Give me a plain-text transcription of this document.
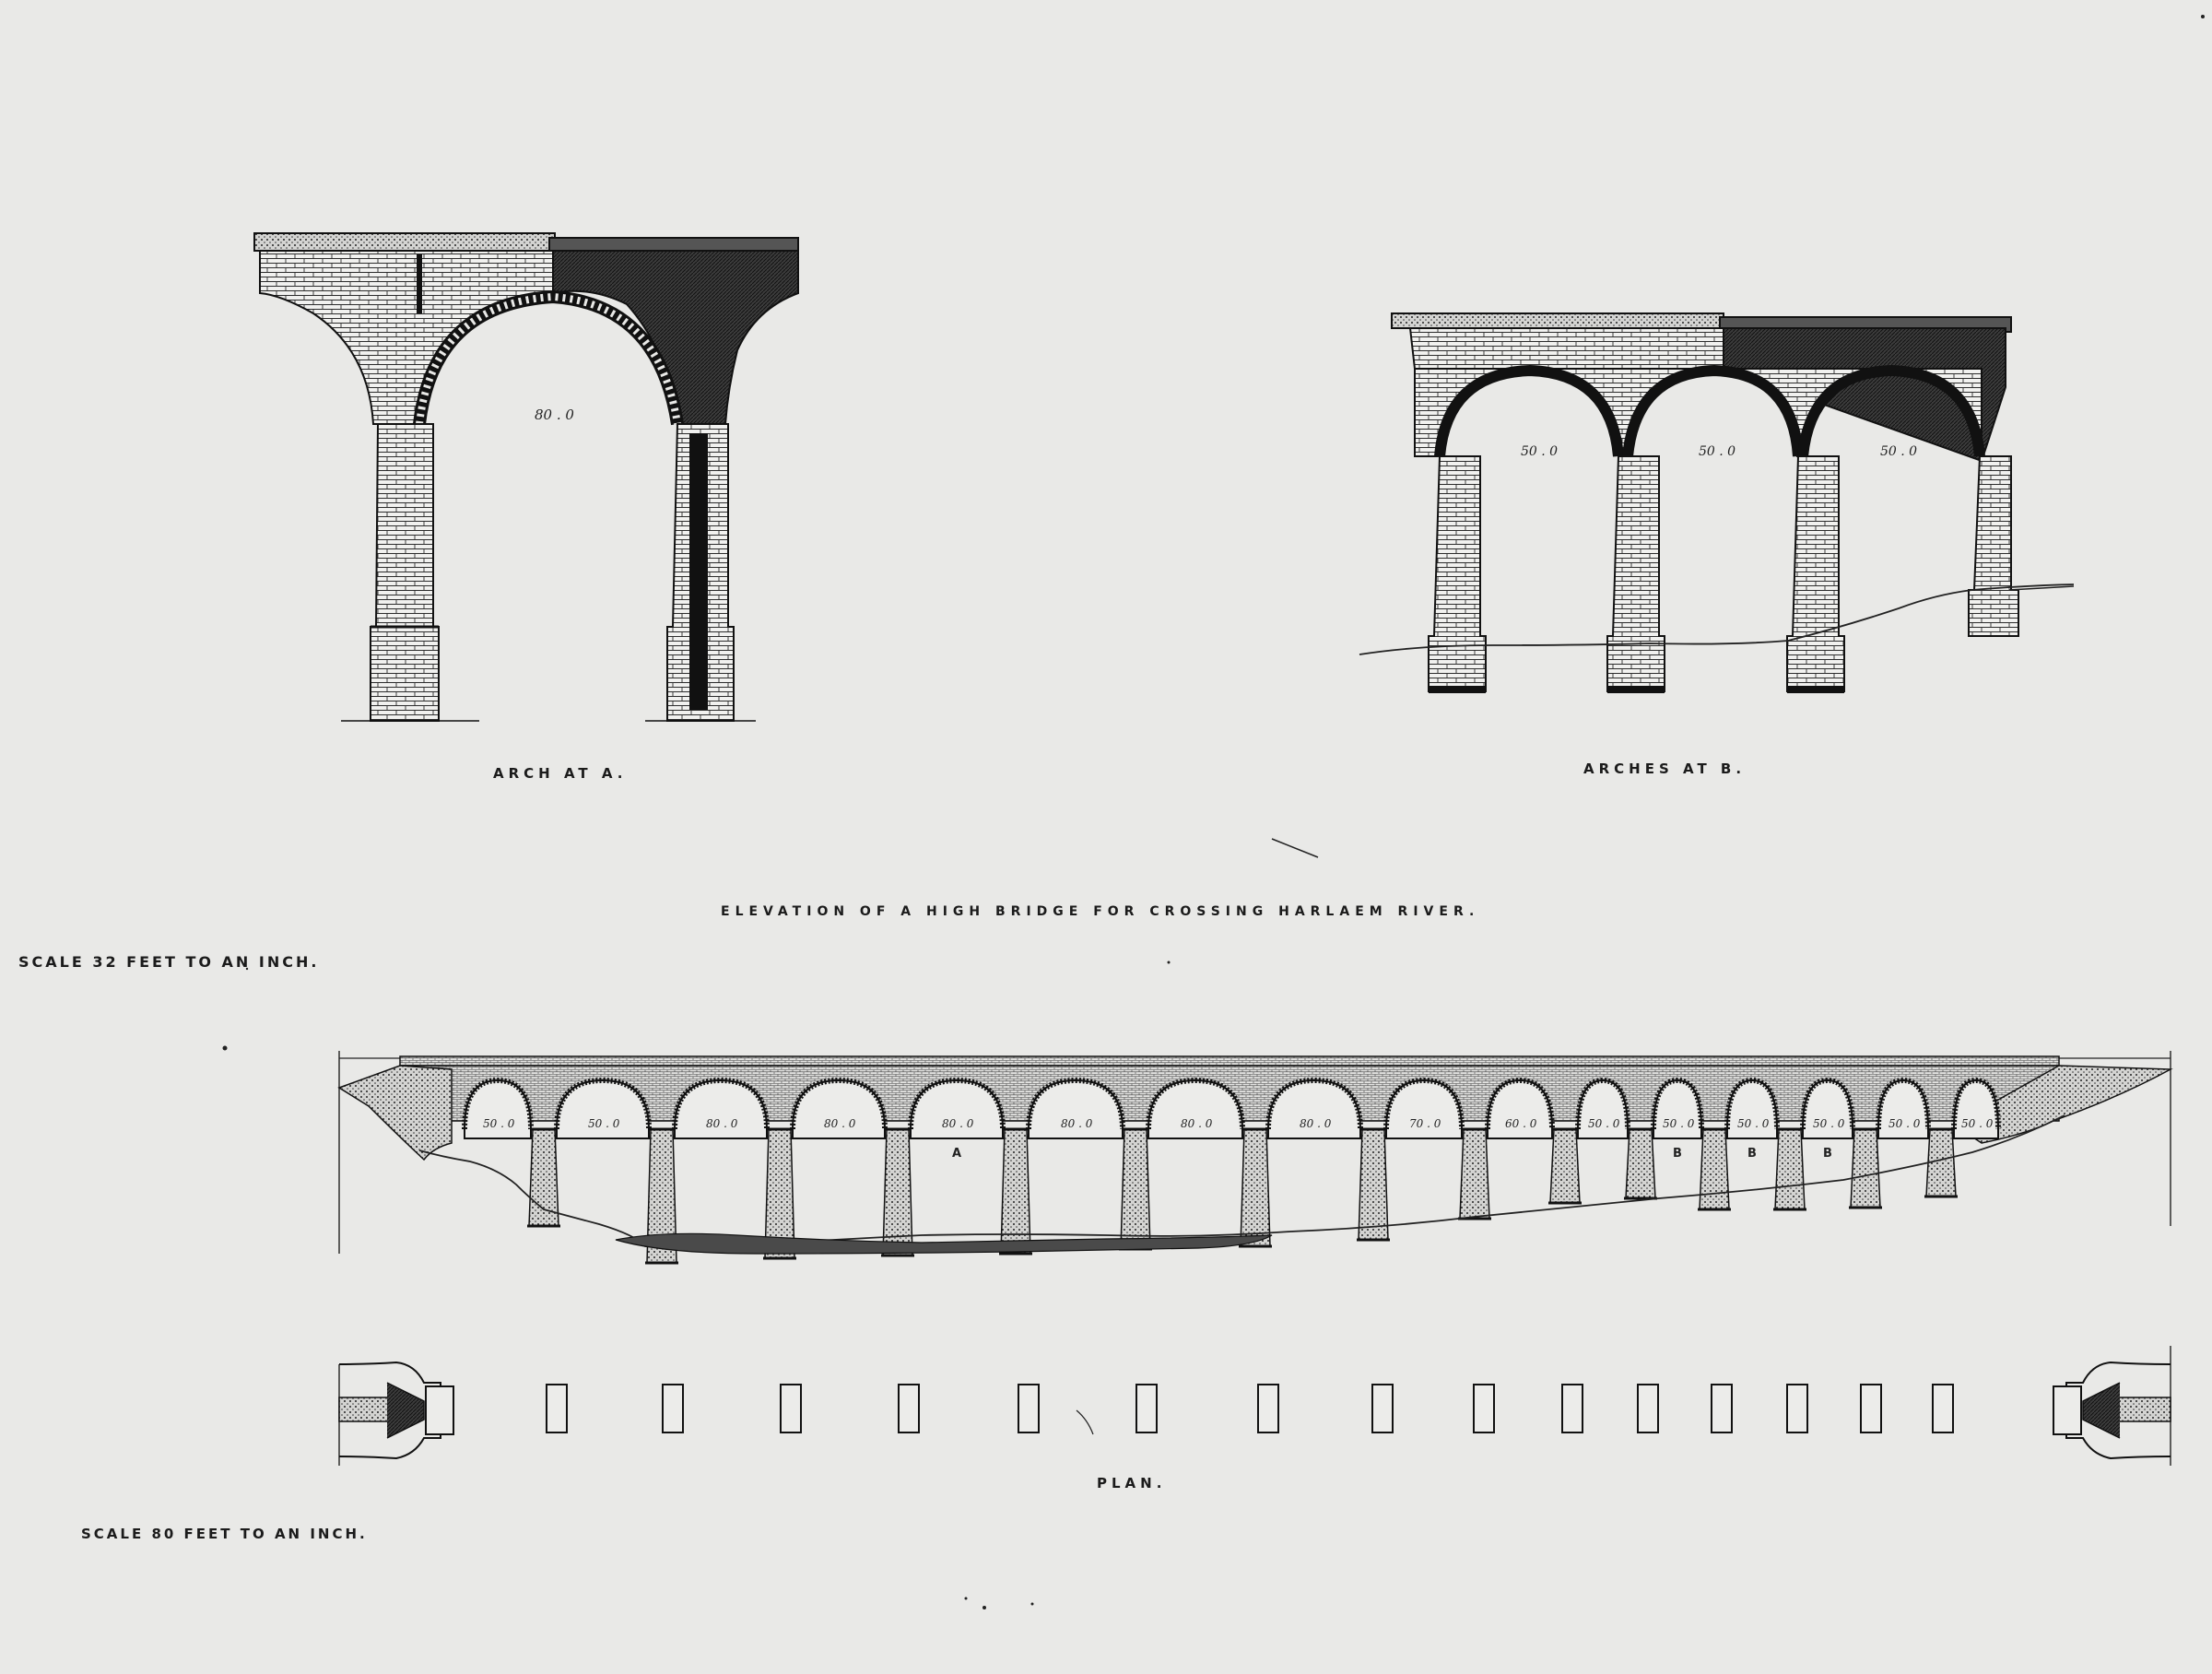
80 . 0
50 . 0	50 . 0	50 . 0
50 . 0	50 . 0	80 . 0	80 . 0	80 . 0
A
80 . 0	80 . 0	80 . 0	70 . 0	60 . 0	50 . 0	50 . 0
B
50 . 0
B
50 . 0
B
50 . 0	50 . 0
ARCH AT A.	ARCHES AT B.
ELEVATION OF A HIGH BRIDGE FOR CROSSING HARLAEM RIVER.
SCALE 32 FEET TO AN INCH.
PLAN.
SCALE 80 FEET TO AN INCH.
